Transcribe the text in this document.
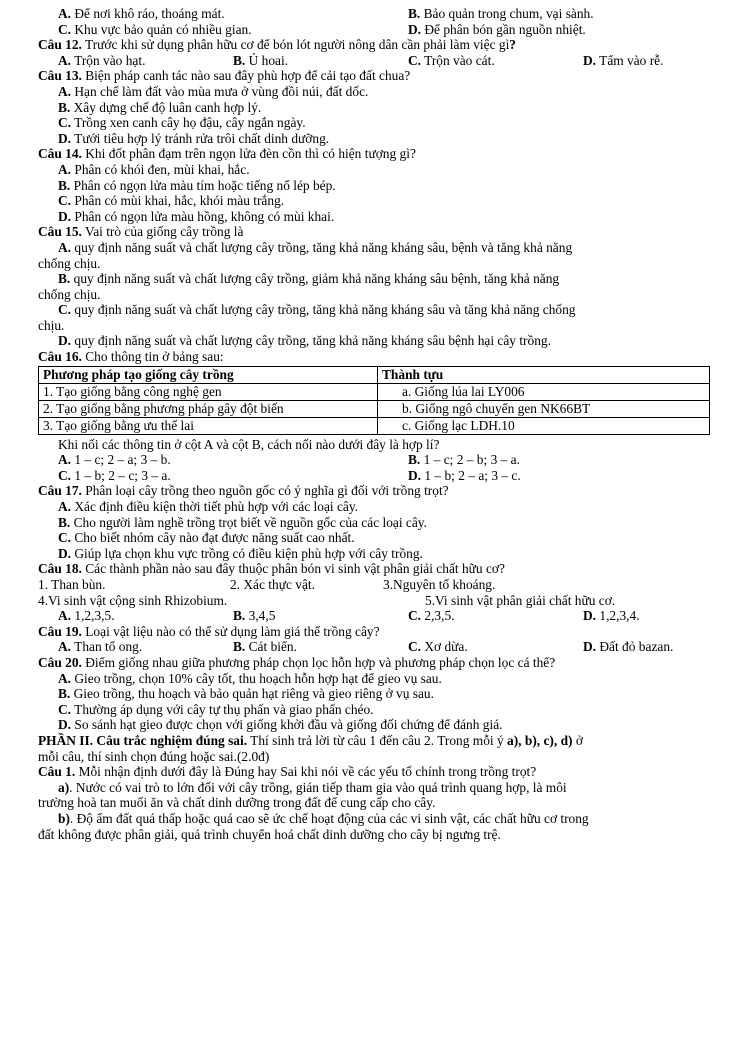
A. Để nơi khô ráo, thoáng mát.	B. Bảo quản trong chum, vại sành.
C. Khu vực bảo quản có nhiều gian.	D. Để phân bón gần nguồn nhiệt.
Câu 12. Trước khi sử dụng phân hữu cơ để bón lót người nông dân cần phải làm việc gì?
A. Trộn vào hạt.	B. Ủ hoai.	C. Trộn vào cát.	D. Tẩm vào rễ.
Câu 13. Biện pháp canh tác nào sau đây phù hợp để cải tạo đất chua?
A. Hạn chế làm đất vào mùa mưa ở vùng đồi núi, đất dốc.
B. Xây dựng chế độ luân canh hợp lý.
C. Trồng xen canh cây họ đậu, cây ngắn ngày.
D. Tưới tiêu hợp lý tránh rửa trôi chất dinh dưỡng.
Câu 14. Khi đốt phân đạm trên ngọn lửa đèn cồn thì có hiện tượng gì?
A. Phân có khói đen, mùi khai, hắc.
B. Phân có ngọn lửa màu tím hoặc tiếng nổ lép bép.
C. Phân có mùi khai, hắc, khói màu trắng.
D. Phân có ngọn lửa màu hồng, không có mùi khai.
Câu 15. Vai trò của giống cây trồng là
A. quy định năng suất và chất lượng cây trồng, tăng khả năng kháng sâu, bệnh và tăng khả năng
chống chịu.
B. quy định năng suất và chất lượng cây trồng, giảm khả năng kháng sâu bệnh, tăng khả năng
chống chịu.
C. quy định năng suất và chất lượng cây trồng, tăng khả năng kháng sâu và tăng khả năng chống
chịu.
D. quy định năng suất và chất lượng cây trồng, tăng khả năng kháng sâu bệnh hại cây trồng.
Câu 16. Cho thông tin ở bảng sau:
Phương pháp tạo giống cây trồng	Thành tựu
1. Tạo giống bằng công nghệ gen	a. Giống lúa lai LY006
2. Tạo giống bằng phương pháp gây đột biến	b. Giống ngô chuyển gen NK66BT
3. Tạo giống bằng ưu thế lai	c. Giống lạc LDH.10
Khi nối các thông tin ở cột A và cột B, cách nối nào dưới đây là hợp lí?
A. 1 – c; 2 – a; 3 – b.	B. 1 – c; 2 – b; 3 – a.
C. 1 – b; 2 – c; 3 – a.	D. 1 – b; 2 – a; 3 – c.
Câu 17. Phân loại cây trồng theo nguồn gốc có ý nghĩa gì đối với trồng trọt?
A. Xác định điều kiện thời tiết phù hợp với các loại cây.
B. Cho người làm nghề trồng trọt biết về nguồn gốc của các loại cây.
C. Cho biết nhóm cây nào đạt được năng suất cao nhất.
D. Giúp lựa chọn khu vực trồng có điều kiện phù hợp với cây trồng.
Câu 18. Các thành phần nào sau đây thuộc phân bón vi sinh vật phân giải chất hữu cơ?
1. Than bùn.	2. Xác thực vật.	3.Nguyên tố khoáng.
4.Vi sinh vật cộng sinh Rhizobium.	5.Vi sinh vật phân giải chất hữu cơ.
A. 1,2,3,5.	B. 3,4,5	C. 2,3,5.	D. 1,2,3,4.
Câu 19. Loại vật liệu nào có thể sử dụng làm giá thể trồng cây?
A. Than tổ ong.	B. Cát biển.	C. Xơ dừa.	D. Đất đỏ bazan.
Câu 20. Điểm giống nhau giữa phương pháp chọn lọc hỗn hợp và phương pháp chọn lọc cá thể?
A. Gieo trồng, chọn 10% cây tốt, thu hoạch hỗn hợp hạt để gieo vụ sau.
B. Gieo trồng, thu hoạch và bảo quản hạt riêng và gieo riêng ở vụ sau.
C. Thường áp dụng với cây tự thụ phấn và giao phấn chéo.
D. So sánh hạt gieo được chọn với giống khởi đầu và giống đối chứng để đánh giá.
PHẦN II. Câu trắc nghiệm đúng sai. Thí sinh trả lời từ câu 1 đến câu 2. Trong mỗi ý a), b), c), d) ở
mỗi câu, thí sinh chọn đúng hoặc sai.(2.0đ)
Câu 1. Mỗi nhận định dưới đây là Đúng hay Sai khi nói về các yếu tố chính trong trồng trọt?
a). Nước có vai trò to lớn đối với cây trồng, gián tiếp tham gia vào quá trình quang hợp, là môi
trường hoà tan muối ăn và chất dinh dưỡng trong đất để cung cấp cho cây.
b). Độ ẩm đất quá thấp hoặc quá cao sẽ ức chế hoạt động của các vi sinh vật, các chất hữu cơ trong
đất không được phân giải, quá trình chuyển hoá chất dinh dưỡng cho cây bị ngưng trệ.
